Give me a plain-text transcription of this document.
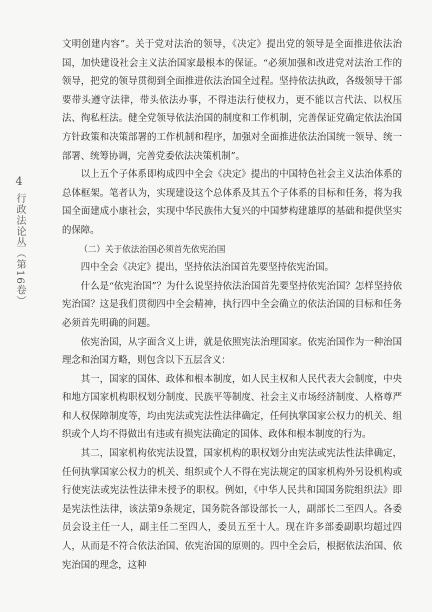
4
行政法论丛（第16卷）

文明创建内容”。关于党对法治的领导，《决定》提出党的领导是全面推进依法治国，加快建设社会主义法治国家最根本的保证。“必须加强和改进党对法治工作的领导，把党的领导贯彻到全面推进依法治国全过程。坚持依法执政，各级领导干部要带头遵守法律，带头依法办事，不得违法行使权力，更不能以言代法、以权压法、徇私枉法。健全党领导依法治国的制度和工作机制，完善保证党确定依法治国方针政策和决策部署的工作机制和程序，加强对全面推进依法治国统一领导、统一部署、统筹协调，完善党委依法决策机制”。

以上五个子体系即构成四中全会《决定》提出的中国特色社会主义法治体系的总体框架。笔者认为，实现建设这个总体系及其五个子体系的目标和任务，将为我国全面建成小康社会，实现中华民族伟大复兴的中国梦构建雄厚的基础和提供坚实的保障。

（二）关于依法治国必须首先依宪治国

四中全会《决定》提出，坚持依法治国首先要坚持依宪治国。

什么是“依宪治国”？为什么说坚持依法治国首先要坚持依宪治国？怎样坚持依宪治国？这是我们贯彻四中全会精神，执行四中全会确立的依法治国的目标和任务必须首先明确的问题。

依宪治国，从字面含义上讲，就是依照宪法治理国家。依宪治国作为一种治国理念和治国方略，则包含以下五层含义：

其一，国家的国体、政体和根本制度，如人民主权和人民代表大会制度，中央和地方国家机构职权划分制度、民族平等制度、社会主义市场经济制度、人格尊严和人权保障制度等，均由宪法或宪法性法律确定，任何执掌国家公权力的机关、组织或个人均不得做出有违或有损宪法确定的国体、政体和根本制度的行为。

其二，国家机构依宪法设置，国家机构的职权划分由宪法或宪法性法律确定，任何执掌国家公权力的机关、组织或个人不得在宪法规定的国家机构外另设机构或行使宪法或宪法性法律未授予的职权。例如，《中华人民共和国国务院组织法》即是宪法性法律，该法第9条规定，国务院各部设部长一人，副部长二至四人。各委员会设主任一人，副主任二至四人，委员五至十人。现在许多部委副职均超过四人，从而是不符合依法治国、依宪治国的原则的。四中全会后，根据依法治国、依宪治国的理念，这种
